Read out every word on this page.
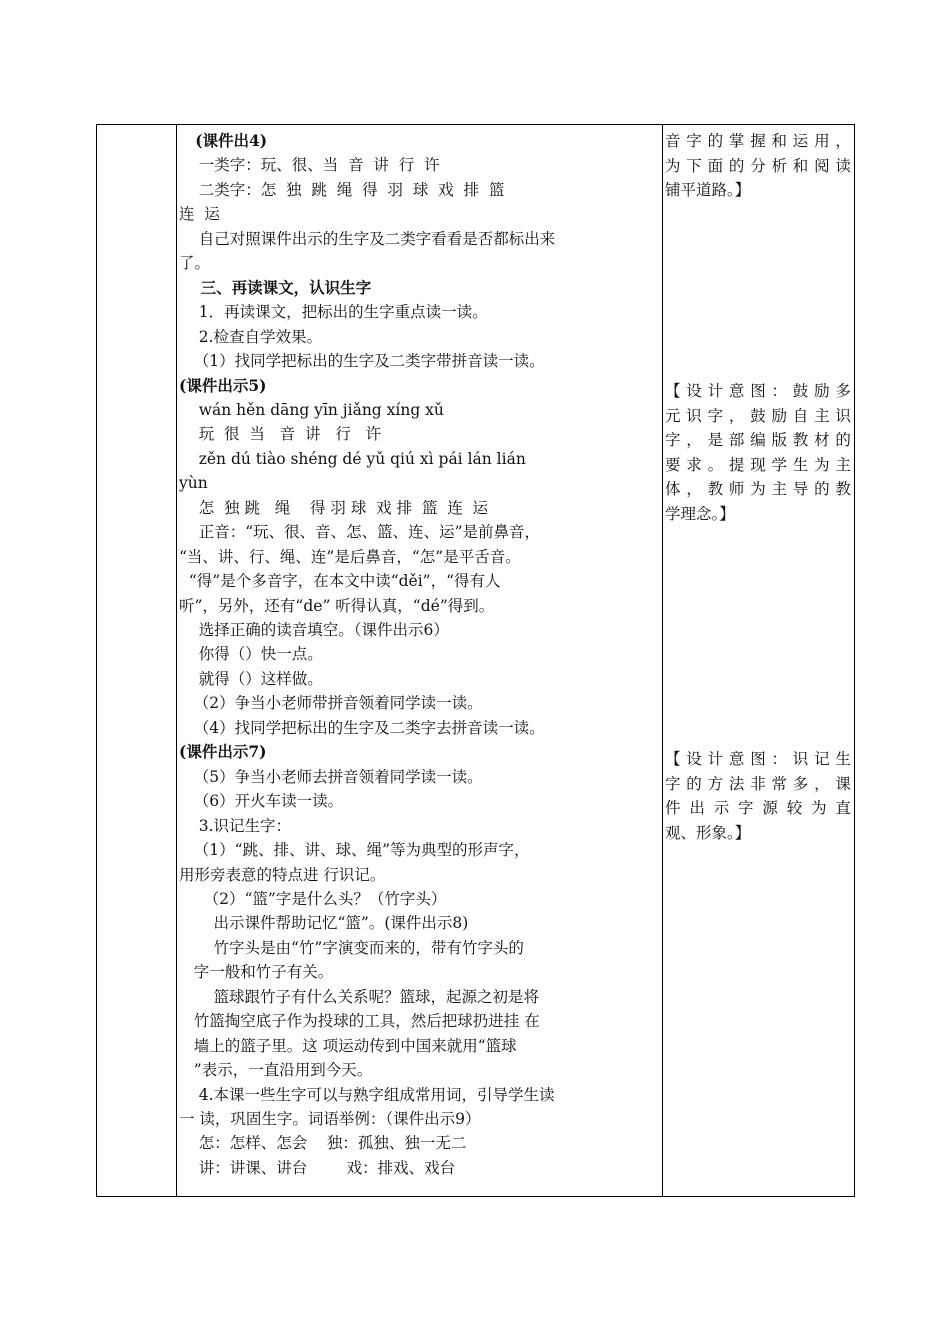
(课件出4)
一类字：玩、很、当  音  讲  行  许
二类字：怎  独  跳  绳  得  羽  球  戏  排  篮
连  运
自己对照课件出示的生字及二类字看看是否都标出来
了。
三、再读课文，认识生字
1．再读课文，把标出的生字重点读一读。
2.检查自学效果。
（1）找同学把标出的生字及二类字带拼音读一读。
(课件出示5)
wán hěn dāng yīn jiǎng xíng xǔ
玩  很  当   音  讲   行   许
zěn dú tiào shéng dé yǔ qiú xì pái lán lián
yùn
怎  独 跳   绳    得 羽 球  戏 排  篮  连  运
正音：“玩、很、音、怎、篮、连、运”是前鼻音，
“当、讲、行、绳、连”是后鼻音，“怎”是平舌音。
“得”是个多音字，在本文中读“děi”，“得有人
听”，另外，还有“de” 听得认真，“dé”得到。
选择正确的读音填空。（课件出示6）
你得（）快一点。
就得（）这样做。
（2）争当小老师带拼音领着同学读一读。
（4）找同学把标出的生字及二类字去拼音读一读。
(课件出示7)
（5）争当小老师去拼音领着同学读一读。
（6）开火车读一读。
3.识记生字：
（1）“跳、排、讲、球、绳”等为典型的形声字，
用形旁表意的特点进 行识记。
（2）“篮”字是什么头？（竹字头）
出示课件帮助记忆“篮”。(课件出示8)
竹字头是由“竹”字演变而来的，带有竹字头的
字一般和竹子有关。
篮球跟竹子有什么关系呢？篮球，起源之初是将
竹篮掏空底子作为投球的工具，然后把球扔进挂 在
墙上的篮子里。这 项运动传到中国来就用“篮球
”表示，一直沿用到今天。
4.本课一些生字可以与熟字组成常用词，引导学生读
一 读，巩固生字。词语举例：（课件出示9）
怎：怎样、怎会    独：孤独、独一无二
讲：讲课、讲台        戏：排戏、戏台
音 字 的 掌 握 和 运 用 ，
为 下 面 的 分 析 和 阅 读
铺平道路。】
【 设 计 意 图 ： 鼓 励 多
元 识 字 ， 鼓 励 自 主 识
字 ， 是 部 编 版 教 材 的
要 求 。 提 现 学 生 为 主
体 ， 教 师 为 主 导 的 教
学理念。】
【 设 计 意 图 ： 识 记 生
字 的 方 法 非 常 多 ， 课
件 出 示 字 源 较 为 直
观、形象。】
